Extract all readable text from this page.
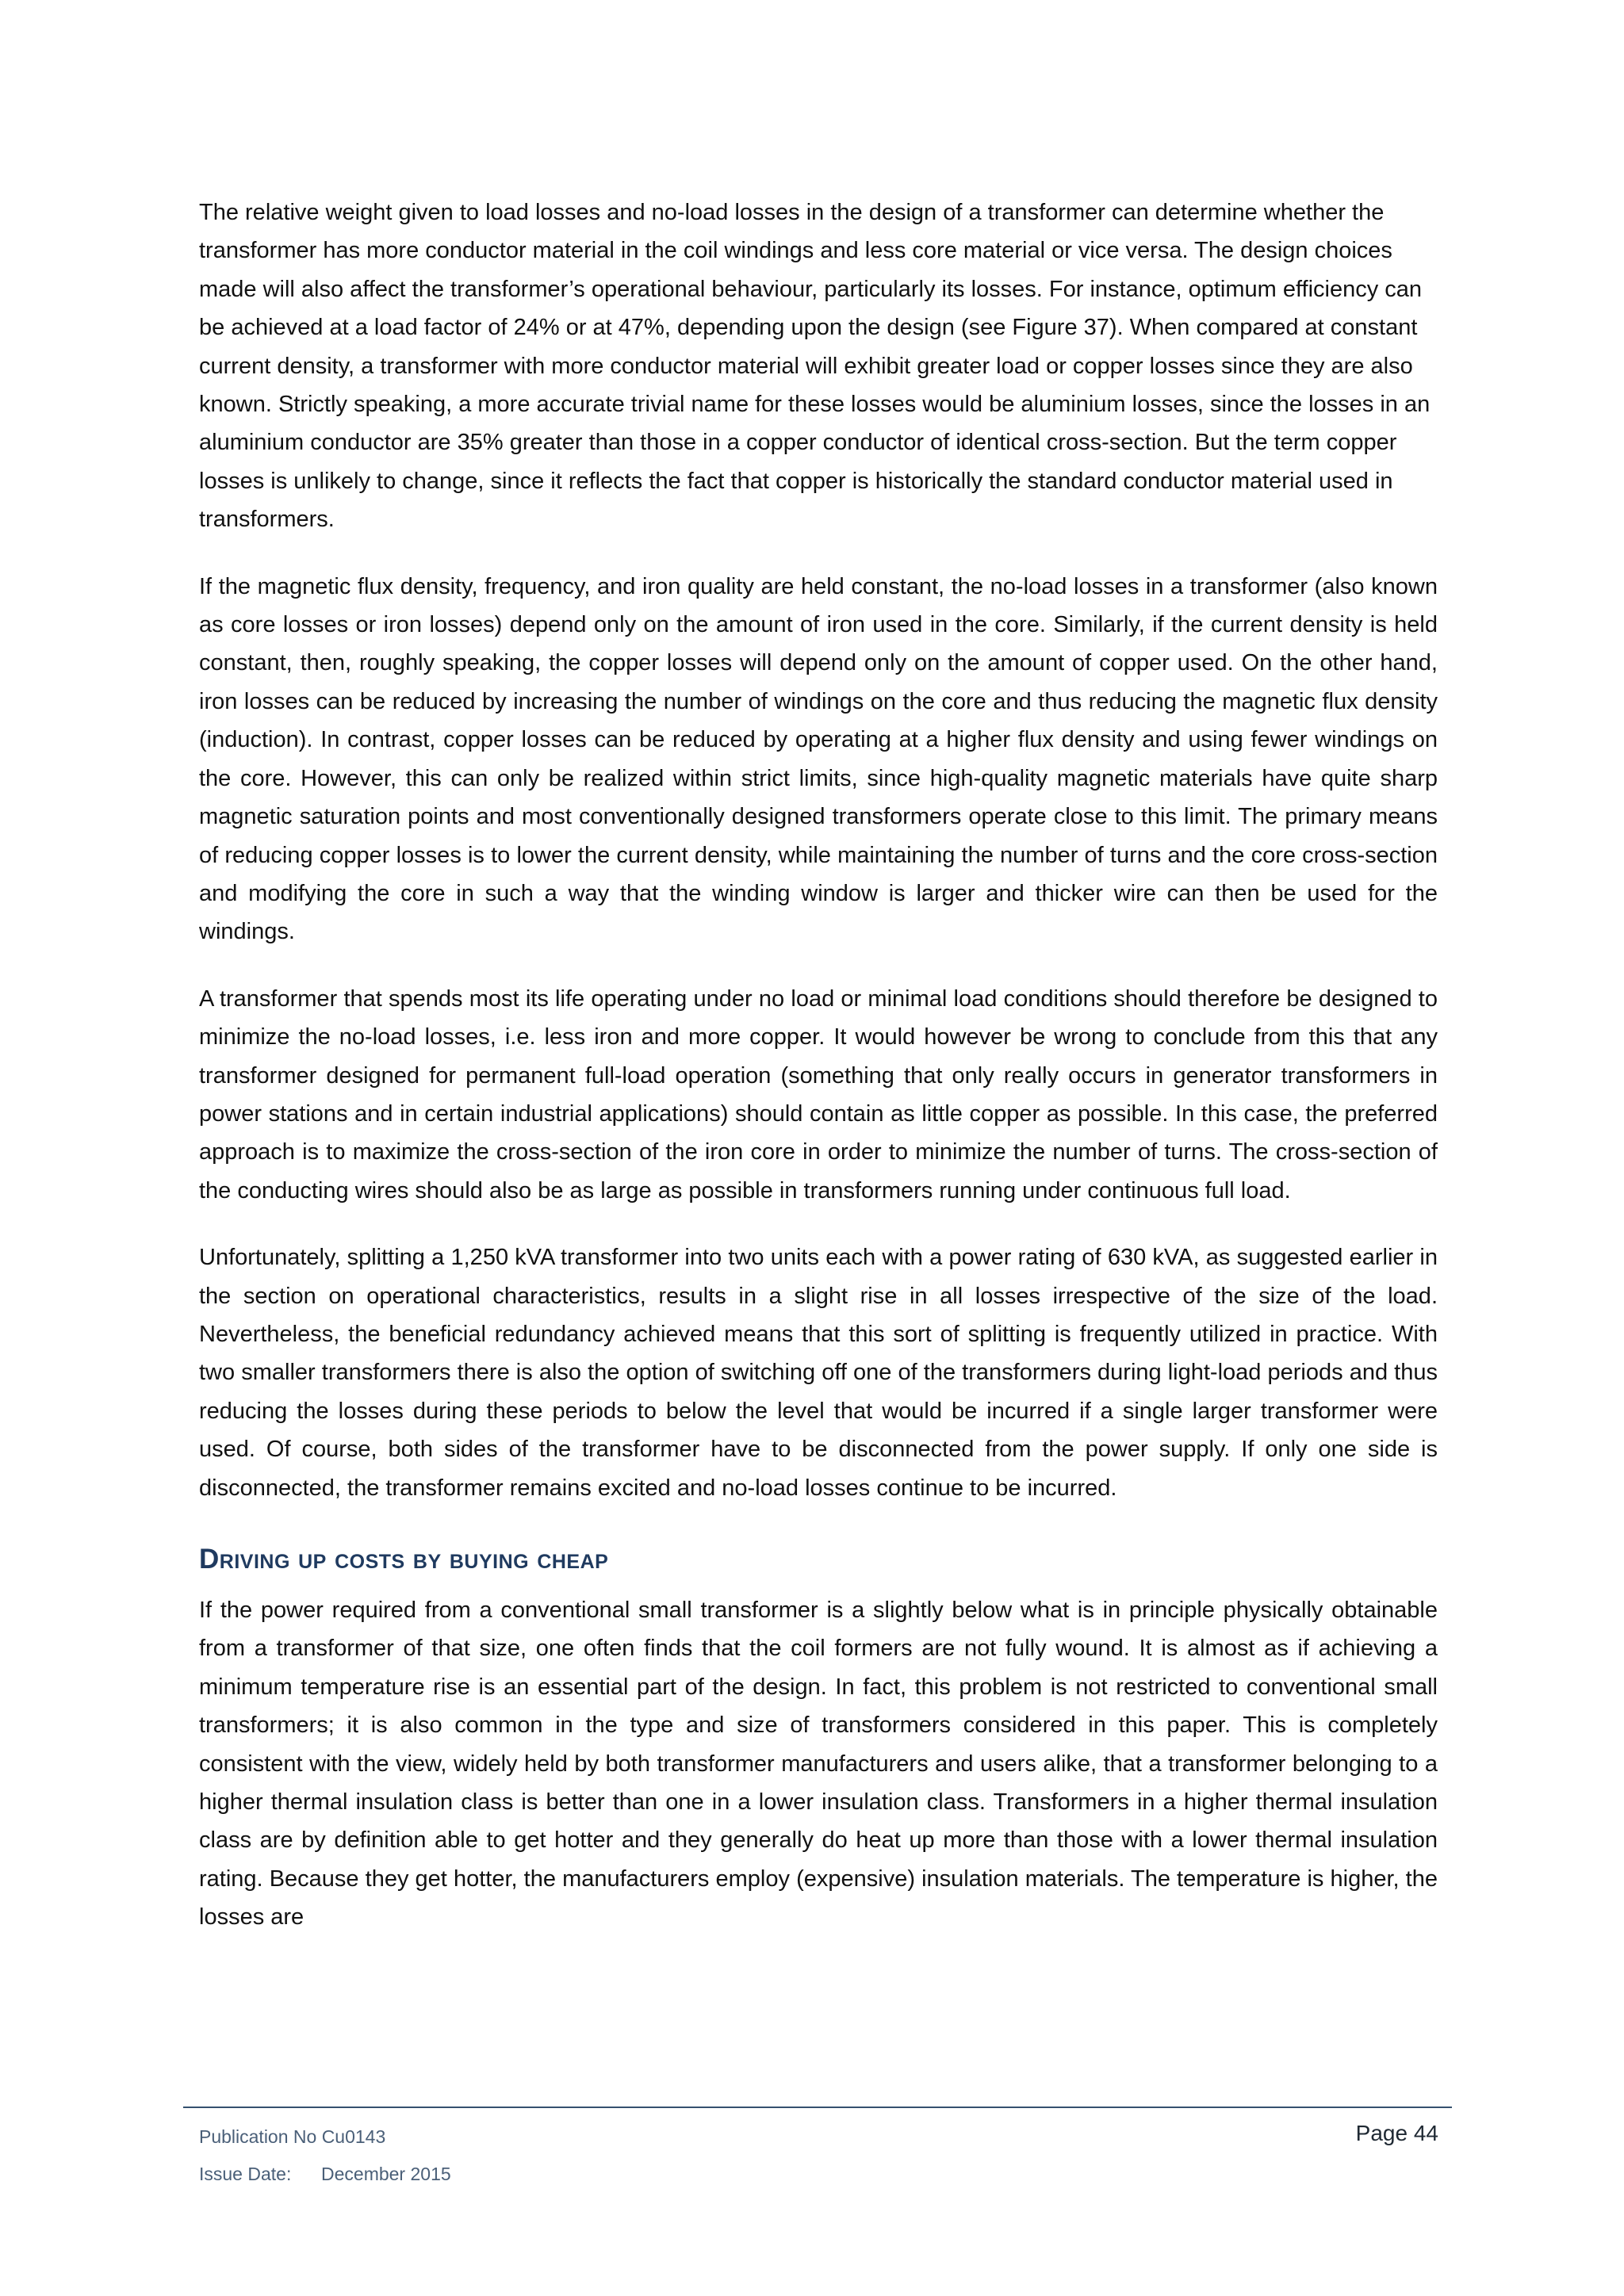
The relative weight given to load losses and no-load losses in the design of a transformer can determine whether the transformer has more conductor material in the coil windings and less core material or vice versa. The design choices made will also affect the transformer’s operational behaviour, particularly its losses. For instance, optimum efficiency can be achieved at a load factor of 24% or at 47%, depending upon the design (see Figure 37). When compared at constant current density, a transformer with more conductor material will exhibit greater load or copper losses since they are also known. Strictly speaking, a more accurate trivial name for these losses would be aluminium losses, since the losses in an aluminium conductor are 35% greater than those in a copper conductor of identical cross-section. But the term copper losses is unlikely to change, since it reflects the fact that copper is historically the standard conductor material used in transformers.

If the magnetic flux density, frequency, and iron quality are held constant, the no-load losses in a transformer (also known as core losses or iron losses) depend only on the amount of iron used in the core. Similarly, if the current density is held constant, then, roughly speaking, the copper losses will depend only on the amount of copper used. On the other hand, iron losses can be reduced by increasing the number of windings on the core and thus reducing the magnetic flux density (induction). In contrast, copper losses can be reduced by operating at a higher flux density and using fewer windings on the core. However, this can only be realized within strict limits, since high-quality magnetic materials have quite sharp magnetic saturation points and most conventionally designed transformers operate close to this limit. The primary means of reducing copper losses is to lower the current density, while maintaining the number of turns and the core cross-section and modifying the core in such a way that the winding window is larger and thicker wire can then be used for the windings.

A transformer that spends most its life operating under no load or minimal load conditions should therefore be designed to minimize the no-load losses, i.e. less iron and more copper. It would however be wrong to conclude from this that any transformer designed for permanent full-load operation (something that only really occurs in generator transformers in power stations and in certain industrial applications) should contain as little copper as possible. In this case, the preferred approach is to maximize the cross-section of the iron core in order to minimize the number of turns. The cross-section of the conducting wires should also be as large as possible in transformers running under continuous full load.

Unfortunately, splitting a 1,250 kVA transformer into two units each with a power rating of 630 kVA, as suggested earlier in the section on operational characteristics, results in a slight rise in all losses irrespective of the size of the load. Nevertheless, the beneficial redundancy achieved means that this sort of splitting is frequently utilized in practice. With two smaller transformers there is also the option of switching off one of the transformers during light-load periods and thus reducing the losses during these periods to below the level that would be incurred if a single larger transformer were used. Of course, both sides of the transformer have to be disconnected from the power supply. If only one side is disconnected, the transformer remains excited and no-load losses continue to be incurred.

Driving up costs by buying cheap

If the power required from a conventional small transformer is a slightly below what is in principle physically obtainable from a transformer of that size, one often finds that the coil formers are not fully wound. It is almost as if achieving a minimum temperature rise is an essential part of the design. In fact, this problem is not restricted to conventional small transformers; it is also common in the type and size of transformers considered in this paper. This is completely consistent with the view, widely held by both transformer manufacturers and users alike, that a transformer belonging to a higher thermal insulation class is better than one in a lower insulation class. Transformers in a higher thermal insulation class are by definition able to get hotter and they generally do heat up more than those with a lower thermal insulation rating. Because they get hotter, the manufacturers employ (expensive) insulation materials. The temperature is higher, the losses are

Publication No Cu0143
Issue Date: December 2015
Page 44
